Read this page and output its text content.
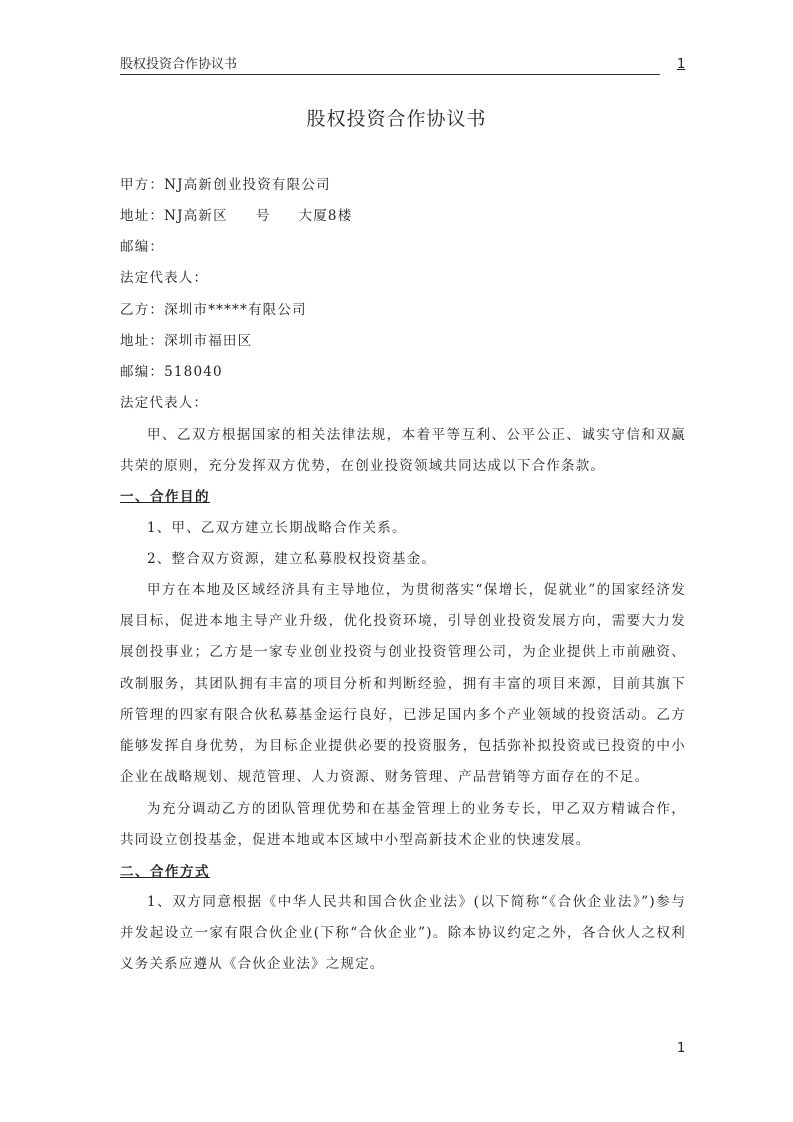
股权投资合作协议书	1
股权投资合作协议书
甲方：NJ高新创业投资有限公司
地址：NJ高新区 号 大厦8楼
邮编：
法定代表人：
乙方：深圳市*****有限公司
地址：深圳市福田区
邮编：518040
法定代表人：
甲、乙双方根据国家的相关法律法规，本着平等互利、公平公正、诚实守信和双赢共荣的原则，充分发挥双方优势，在创业投资领域共同达成以下合作条款。
一、合作目的
1、甲、乙双方建立长期战略合作关系。
2、整合双方资源，建立私募股权投资基金。
甲方在本地及区域经济具有主导地位，为贯彻落实“保增长，促就业”的国家经济发展目标，促进本地主导产业升级，优化投资环境，引导创业投资发展方向，需要大力发展创投事业；乙方是一家专业创业投资与创业投资管理公司，为企业提供上市前融资、改制服务，其团队拥有丰富的项目分析和判断经验，拥有丰富的项目来源，目前其旗下所管理的四家有限合伙私募基金运行良好，已涉足国内多个产业领域的投资活动。乙方能够发挥自身优势，为目标企业提供必要的投资服务，包括弥补拟投资或已投资的中小企业在战略规划、规范管理、人力资源、财务管理、产品营销等方面存在的不足。
为充分调动乙方的团队管理优势和在基金管理上的业务专长，甲乙双方精诚合作，共同设立创投基金，促进本地或本区域中小型高新技术企业的快速发展。
二、合作方式
1、双方同意根据《中华人民共和国合伙企业法》(以下简称“《合伙企业法》”)参与并发起设立一家有限合伙企业(下称“合伙企业”)。除本协议约定之外，各合伙人之权利义务关系应遵从《合伙企业法》之规定。
1
